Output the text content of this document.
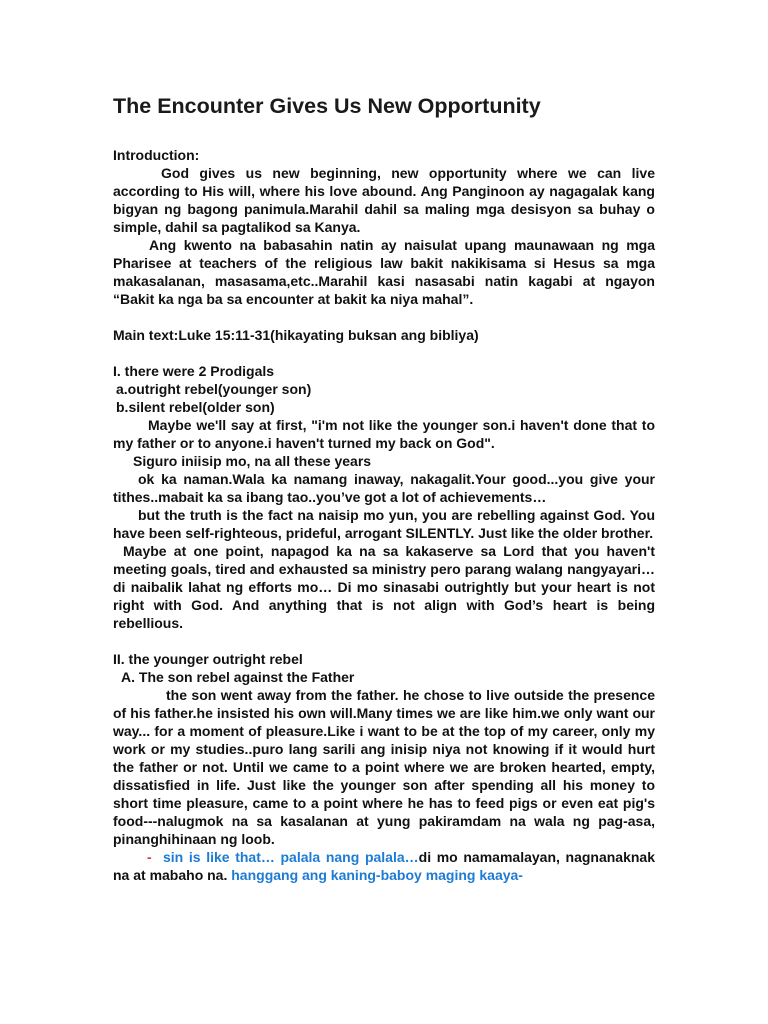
The Encounter Gives Us New Opportunity

Introduction:

God gives us new beginning, new opportunity where we can live according to His will, where his love abound. Ang Panginoon ay nagagalak kang bigyan ng bagong panimula.Marahil dahil sa maling mga desisyon sa buhay o simple, dahil sa pagtalikod sa Kanya.

Ang kwento na babasahin natin ay naisulat upang maunawaan ng mga Pharisee at teachers of the religious law bakit nakikisama si Hesus sa mga makasalanan, masasama,etc..Marahil kasi nasasabi natin kagabi at ngayon “Bakit ka nga ba sa encounter at bakit ka niya mahal”.

Main text:Luke 15:11-31(hikayating buksan ang bibliya)

I. there were 2 Prodigals

a.outright rebel(younger son)

b.silent rebel(older son)

Maybe we'll say at first, "i'm not like the younger son.i haven't done that to my father or to anyone.i haven't turned my back on God".

Siguro iniisip mo, na all these years

ok ka naman.Wala ka namang inaway, nakagalit.Your good...you give your tithes..mabait ka sa ibang tao..you’ve got a lot of achievements…

but the truth is the fact na naisip mo yun, you are rebelling against God. You have been self-righteous, prideful, arrogant SILENTLY. Just like the older brother.

Maybe at one point, napagod ka na sa kakaserve sa Lord that you haven't meeting goals, tired and exhausted sa ministry pero parang walang nangyayari… di naibalik lahat ng efforts mo… Di mo sinasabi outrightly but your heart is not right with God. And anything that is not align with God’s heart is being rebellious.

II. the younger outright rebel

A. The son rebel against the Father

the son went away from the father. he chose to live outside the presence of his father.he insisted his own will.Many times we are like him.we only want our way... for a moment of pleasure.Like i want to be at the top of my career, only my work or my studies..puro lang sarili ang inisip niya not knowing if it would hurt the father or not. Until we came to a point where we are broken hearted, empty, dissatisfied in life. Just like the younger son after spending all his money to short time pleasure, came to a point where he has to feed pigs or even eat pig's food---nalugmok na sa kasalanan at yung pakiramdam na wala ng pag-asa, pinanghihinaan ng loob.

- sin is like that… palala nang palala…di mo namamalayan, nagnanaknak na at mabaho na. hanggang ang kaning-baboy maging kaaya-
